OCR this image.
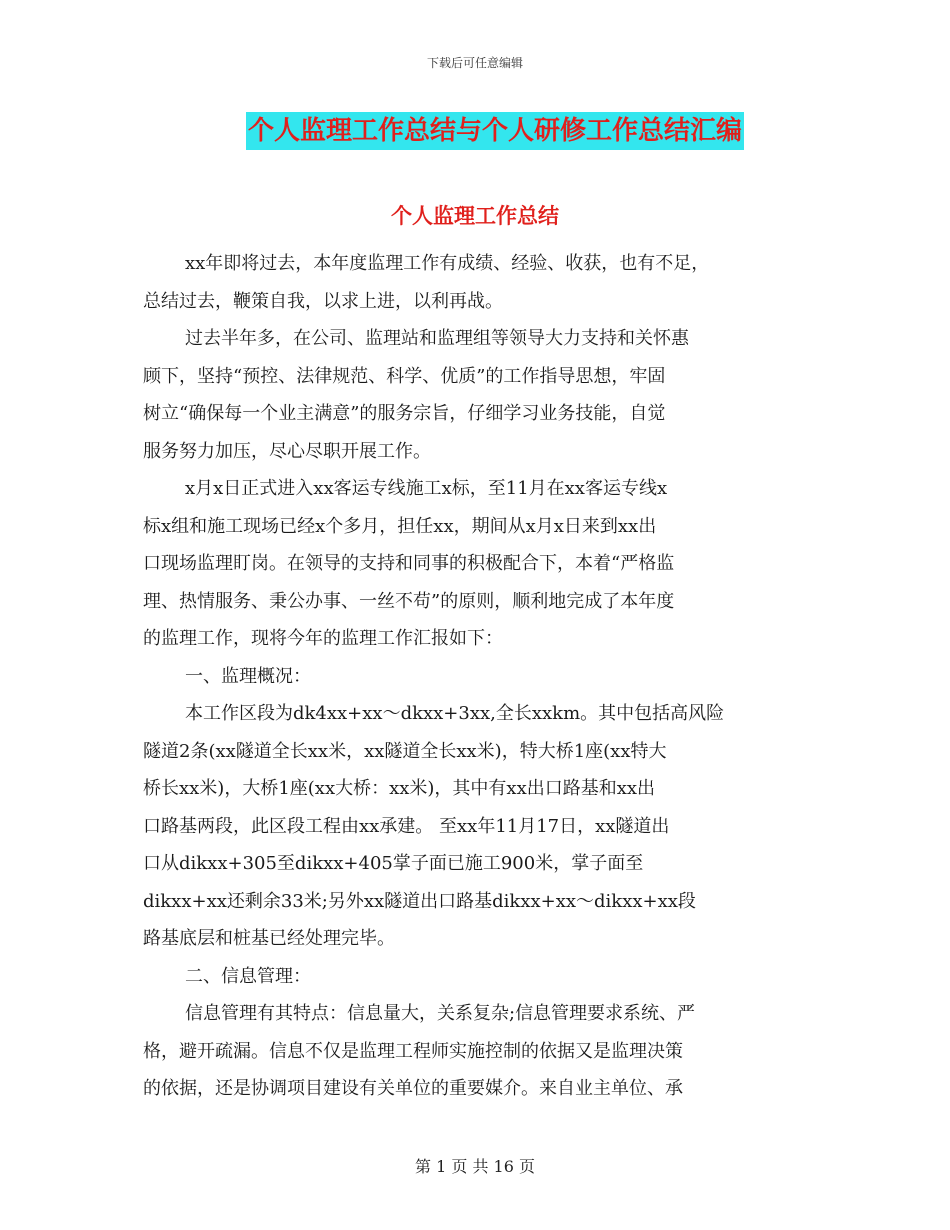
下载后可任意编辑
个人监理工作总结与个人研修工作总结汇编
个人监理工作总结
xx年即将过去，本年度监理工作有成绩、经验、收获，也有不足，
总结过去，鞭策自我，以求上进，以利再战。
过去半年多，在公司、监理站和监理组等领导大力支持和关怀惠
顾下，坚持“预控、法律规范、科学、优质”的工作指导思想，牢固
树立“确保每一个业主满意”的服务宗旨，仔细学习业务技能，自觉
服务努力加压，尽心尽职开展工作。
x月x日正式进入xx客运专线施工x标，至11月在xx客运专线x
标x组和施工现场已经x个多月，担任xx，期间从x月x日来到xx出
口现场监理盯岗。在领导的支持和同事的积极配合下，本着“严格监
理、热情服务、秉公办事、一丝不苟”的原则，顺利地完成了本年度
的监理工作，现将今年的监理工作汇报如下：
一、监理概况：
本工作区段为dk4xx+xx～dkxx+3xx,全长xxkm。其中包括高风险
隧道2条(xx隧道全长xx米，xx隧道全长xx米)，特大桥1座(xx特大
桥长xx米)，大桥1座(xx大桥：xx米)，其中有xx出口路基和xx出
口路基两段，此区段工程由xx承建。 至xx年11月17日，xx隧道出
口从dikxx+305至dikxx+405掌子面已施工900米，掌子面至
dikxx+xx还剩余33米;另外xx隧道出口路基dikxx+xx～dikxx+xx段
路基底层和桩基已经处理完毕。
二、信息管理：
信息管理有其特点：信息量大，关系复杂;信息管理要求系统、严
格，避开疏漏。信息不仅是监理工程师实施控制的依据又是监理决策
的依据，还是协调项目建设有关单位的重要媒介。来自业主单位、承
第 1 页 共 16 页
